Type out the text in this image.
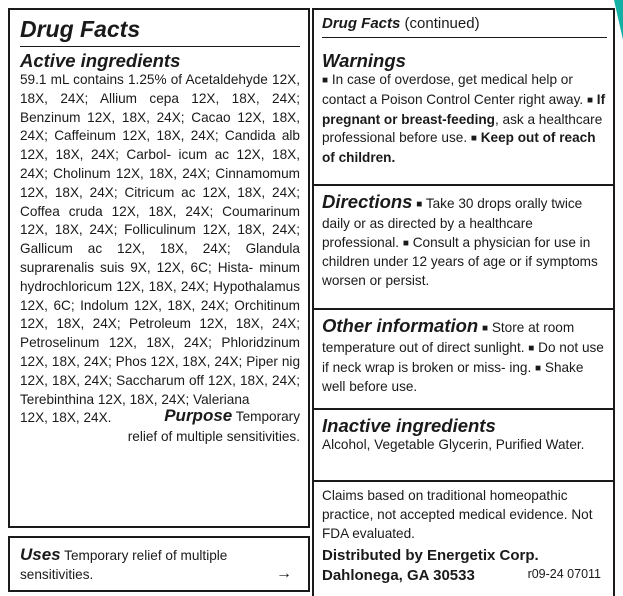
Drug Facts
Active ingredients
59.1 mL contains 1.25% of Acetaldehyde 12X, 18X, 24X; Allium cepa 12X, 18X, 24X; Benzinum 12X, 18X, 24X; Cacao 12X, 18X, 24X; Caffeinum 12X, 18X, 24X; Candida alb 12X, 18X, 24X; Carbol- icum ac 12X, 18X, 24X; Cholinum 12X, 18X, 24X; Cinnamomum 12X, 18X, 24X; Citricum ac 12X, 18X, 24X; Coffea cruda 12X, 18X, 24X; Coumarinum 12X, 18X, 24X; Folliculinum 12X, 18X, 24X; Gallicum ac 12X, 18X, 24X; Glandula suprarenalis suis 9X, 12X, 6C; Hista- minum hydrochloricum 12X, 18X, 24X; Hypothalamus 12X, 6C; Indolum 12X, 18X, 24X; Orchitinum 12X, 18X, 24X; Petroleum 12X, 18X, 24X; Petroselinum 12X, 18X, 24X; Phloridzinum 12X, 18X, 24X; Phos 12X, 18X, 24X; Piper nig 12X, 18X, 24X; Saccharum off 12X, 18X, 24X; Terebinthina 12X, 18X, 24X; Valeriana
12X, 18X, 24X.	Purpose Temporary
relief of multiple sensitivities.
Uses Temporary relief of multiple
sensitivities.	→
Drug Facts (continued)
Warnings
■ In case of overdose, get medical help or contact a Poison Control Center right away. ■ If pregnant or breast-feeding, ask a healthcare professional before use. ■ Keep out of reach of children.
Directions ■ Take 30 drops orally twice daily or as directed by a healthcare professional. ■ Consult a physician for use in children under 12 years of age or if symptoms worsen or persist.
Other information ■ Store at room temperature out of direct sunlight. ■ Do not use if neck wrap is broken or miss- ing. ■ Shake well before use.
Inactive ingredients
Alcohol, Vegetable Glycerin, Purified Water.
Claims based on traditional homeopathic practice, not accepted medical evidence. Not FDA evaluated.
Distributed by Energetix Corp.
Dahlonega, GA 30533	r09-24 07011
